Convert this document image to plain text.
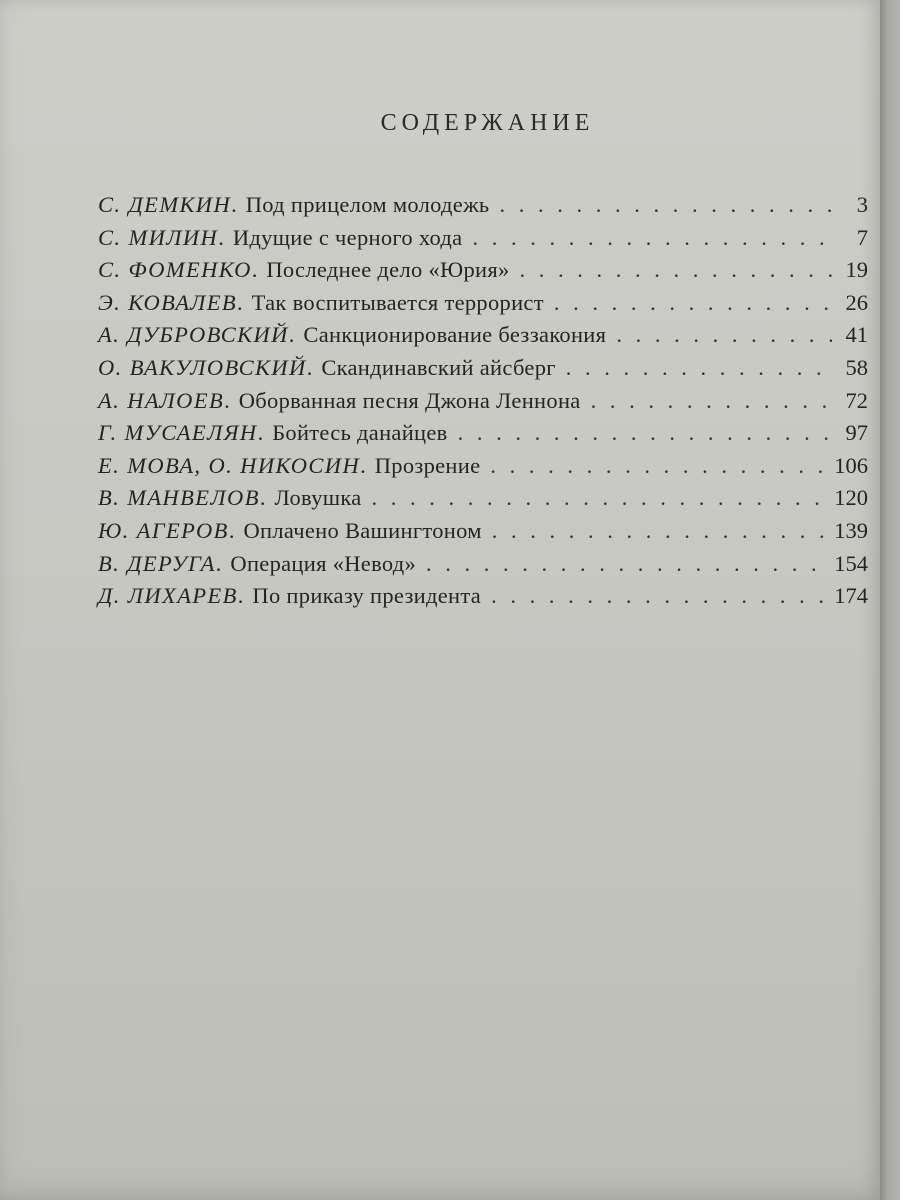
СОДЕРЖАНИЕ
С. ДЕМКИН . Под прицелом молодежь . . .	3
С. МИЛИН . Идущие с черного хода . . .	7
С. ФОМЕНКО . Последнее дело «Юрия» . . .	19
Э. КОВАЛЕВ . Так воспитывается террорист . . .	26
А. ДУБРОВСКИЙ . Санкционирование беззакония . . .	41
О. ВАКУЛОВСКИЙ . Скандинавский айсберг . . .	58
А. НАЛОЕВ . Оборванная песня Джона Леннона . . .	72
Г. МУСАЕЛЯН . Бойтесь данайцев . . .	97
Е. МОВА, О. НИКОСИН . Прозрение . . .	106
В. МАНВЕЛОВ . Ловушка . . .	120
Ю. АГЕРОВ . Оплачено Вашингтоном . . .	139
В. ДЕРУГА . Операция «Невод» . . .	154
Д. ЛИХАРЕВ . По приказу президента . . .	174
